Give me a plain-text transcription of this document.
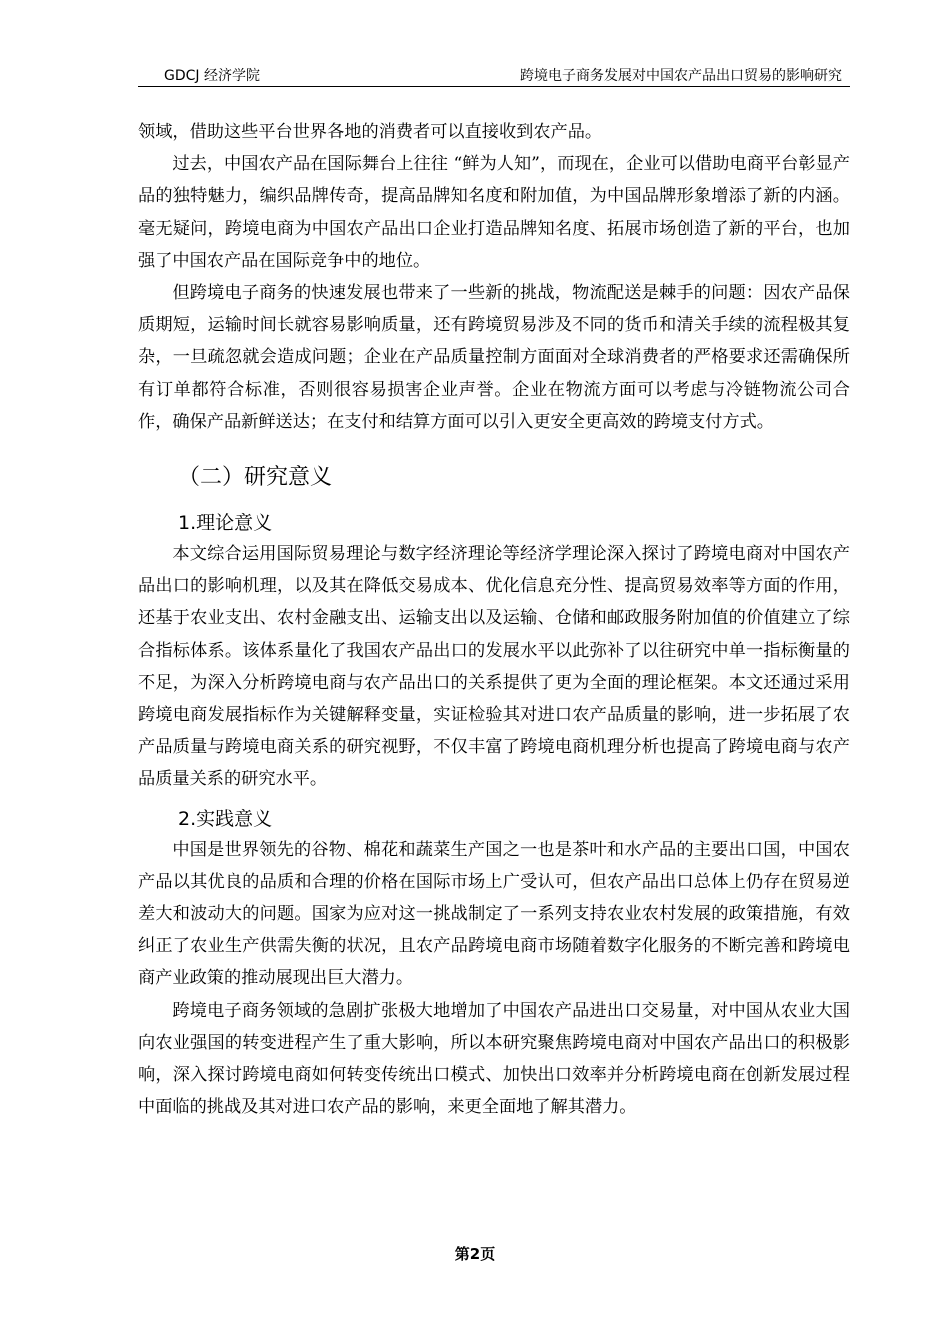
GDCJ 经济学院	跨境电子商务发展对中国农产品出口贸易的影响研究

领域，借助这些平台世界各地的消费者可以直接收到农产品。

过去，中国农产品在国际舞台上往往 “鲜为人知”，而现在，企业可以借助电商平台彰显产品的独特魅力，编织品牌传奇，提高品牌知名度和附加值，为中国品牌形象增添了新的内涵。毫无疑问，跨境电商为中国农产品出口企业打造品牌知名度、拓展市场创造了新的平台，也加强了中国农产品在国际竞争中的地位。

但跨境电子商务的快速发展也带来了一些新的挑战，物流配送是棘手的问题：因农产品保质期短，运输时间长就容易影响质量，还有跨境贸易涉及不同的货币和清关手续的流程极其复杂，一旦疏忽就会造成问题；企业在产品质量控制方面面对全球消费者的严格要求还需确保所有订单都符合标准，否则很容易损害企业声誉。企业在物流方面可以考虑与冷链物流公司合作，确保产品新鲜送达；在支付和结算方面可以引入更安全更高效的跨境支付方式。

（二）研究意义
1.理论意义

本文综合运用国际贸易理论与数字经济理论等经济学理论深入探讨了跨境电商对中国农产品出口的影响机理，以及其在降低交易成本、优化信息充分性、提高贸易效率等方面的作用，还基于农业支出、农村金融支出、运输支出以及运输、仓储和邮政服务附加值的价值建立了综合指标体系。该体系量化了我国农产品出口的发展水平以此弥补了以往研究中单一指标衡量的不足，为深入分析跨境电商与农产品出口的关系提供了更为全面的理论框架。本文还通过采用跨境电商发展指标作为关键解释变量，实证检验其对进口农产品质量的影响，进一步拓展了农产品质量与跨境电商关系的研究视野，不仅丰富了跨境电商机理分析也提高了跨境电商与农产品质量关系的研究水平。

2.实践意义

中国是世界领先的谷物、棉花和蔬菜生产国之一也是茶叶和水产品的主要出口国，中国农产品以其优良的品质和合理的价格在国际市场上广受认可，但农产品出口总体上仍存在贸易逆差大和波动大的问题。国家为应对这一挑战制定了一系列支持农业农村发展的政策措施，有效纠正了农业生产供需失衡的状况，且农产品跨境电商市场随着数字化服务的不断完善和跨境电商产业政策的推动展现出巨大潜力。

跨境电子商务领域的急剧扩张极大地增加了中国农产品进出口交易量，对中国从农业大国向农业强国的转变进程产生了重大影响，所以本研究聚焦跨境电商对中国农产品出口的积极影响，深入探讨跨境电商如何转变传统出口模式、加快出口效率并分析跨境电商在创新发展过程中面临的挑战及其对进口农产品的影响，来更全面地了解其潜力。

第2页
